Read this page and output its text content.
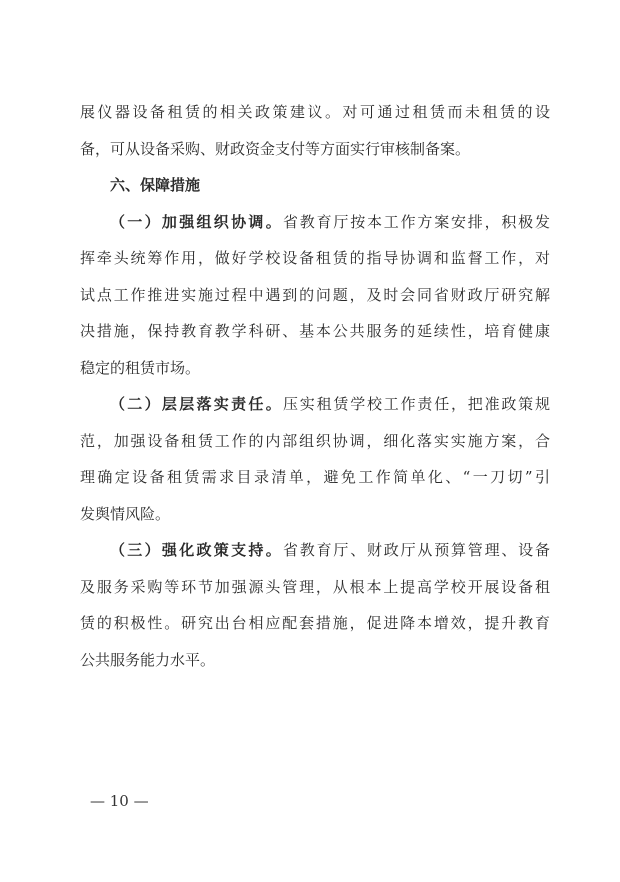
展仪器设备租赁的相关政策建议。对可通过租赁而未租赁的设
备，可从设备采购、财政资金支付等方面实行审核制备案。
六、保障措施
（一）加强组织协调。省教育厅按本工作方案安排，积极发
挥牵头统筹作用，做好学校设备租赁的指导协调和监督工作，对
试点工作推进实施过程中遇到的问题，及时会同省财政厅研究解
决措施，保持教育教学科研、基本公共服务的延续性，培育健康
稳定的租赁市场。
（二）层层落实责任。压实租赁学校工作责任，把准政策规
范，加强设备租赁工作的内部组织协调，细化落实实施方案，合
理确定设备租赁需求目录清单，避免工作简单化、“一刀切”引
发舆情风险。
（三）强化政策支持。省教育厅、财政厅从预算管理、设备
及服务采购等环节加强源头管理，从根本上提高学校开展设备租
赁的积极性。研究出台相应配套措施，促进降本增效，提升教育
公共服务能力水平。
— 10 —
